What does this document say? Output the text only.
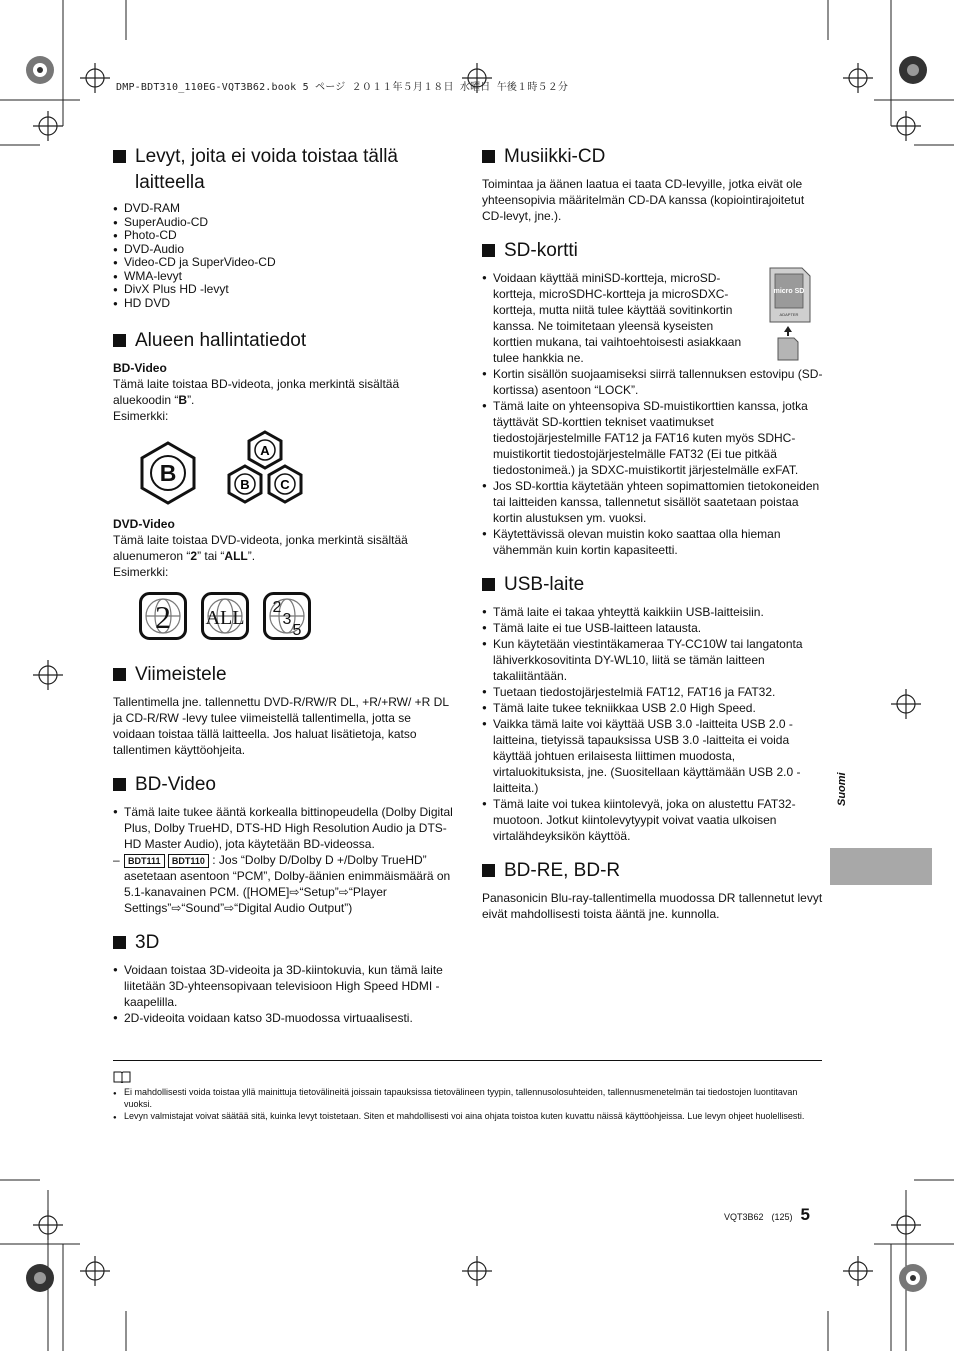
DMP-BDT310_110EG-VQT3B62.book 5 ページ ２０１１年５月１８日 水曜日 午後１時５２分
Levyt, joita ei voida toistaa tällä laitteella
● DVD-RAM
● SuperAudio-CD
● Photo-CD
● DVD-Audio
● Video-CD ja SuperVideo-CD
● WMA-levyt
● DivX Plus HD -levyt
● HD DVD
Alueen hallintatiedot

BD-Video

Tämä laite toistaa BD-videota, jonka merkintä sisältää aluekoodin “B”.

Esimerkki:

B
A
B C

DVD-Video

Tämä laite toistaa DVD-videota, jonka merkintä sisältää aluenumeron “2” tai “ALL”.

Esimerkki:

2 ALL 2
3
5
Viimeistele

Tallentimella jne. tallennettu DVD-R/RW/R DL, +R/+RW/ +R DL ja CD-R/RW -levy tulee viimeistellä tallentimella, jotta se voidaan toistaa tällä laitteella. Jos haluat lisätietoja, katso tallentimen käyttöohjeita.

BD-Video
● Tämä laite tukee ääntä korkealla bittinopeudella (Dolby Digital Plus, Dolby TrueHD, DTS-HD High Resolution Audio ja DTS-HD Master Audio), jota käytetään BD-videossa.
– BDT111 BDT110 : Jos “Dolby D/Dolby D +/Dolby TrueHD” asetetaan asentoon “PCM”, Dolby-äänien enimmäismäärä on 5.1-kanavainen PCM. ([HOME]⇨“Setup”⇨“Player Settings”⇨“Sound”⇨“Digital Audio Output”)
3D
● Voidaan toistaa 3D-videoita ja 3D-kiintokuvia, kun tämä laite liitetään 3D-yhteensopivaan televisioon High Speed HDMI -kaapelilla.
● 2D-videoita voidaan katso 3D-muodossa virtuaalisesti.
Musiikki-CD

Toimintaa ja äänen laatua ei taata CD-levyille, jotka eivät ole yhteensopivia määritelmän CD-DA kanssa (kopiointirajoitetut CD-levyt, jne.).

SD-kortti
micro SD
ADAPTER
● Voidaan käyttää miniSD-kortteja, microSD-kortteja, microSDHC-kortteja ja microSDXC-kortteja, mutta niitä tulee käyttää sovitinkortin kanssa. Ne toimitetaan yleensä kyseisten korttien mukana, tai vaihtoehtoisesti asiakkaan tulee hankkia ne.
● Kortin sisällön suojaamiseksi siirrä tallennuksen estovipu (SD-kortissa) asentoon “LOCK”.
● Tämä laite on yhteensopiva SD-muistikorttien kanssa, jotka täyttävät SD-korttien tekniset vaatimukset tiedostojärjestelmille FAT12 ja FAT16 kuten myös SDHC-muistikortit tiedostojärjestelmälle FAT32 (Ei tue pitkää tiedostonimeä.) ja SDXC-muistikortit järjestelmälle exFAT.
● Jos SD-korttia käytetään yhteen sopimattomien tietokoneiden tai laitteiden kanssa, tallennetut sisällöt saatetaan poistaa kortin alustuksen ym. vuoksi.
● Käytettävissä olevan muistin koko saattaa olla hieman vähemmän kuin kortin kapasiteetti.
USB-laite
● Tämä laite ei takaa yhteyttä kaikkiin USB-laitteisiin.
● Tämä laite ei tue USB-laitteen latausta.
● Kun käytetään viestintäkameraa TY-CC10W tai langatonta lähiverkkosovitinta DY-WL10, liitä se tämän laitteen takaliitäntään.
● Tuetaan tiedostojärjestelmiä FAT12, FAT16 ja FAT32.
● Tämä laite tukee tekniikkaa USB 2.0 High Speed.
● Vaikka tämä laite voi käyttää USB 3.0 -laitteita USB 2.0 -laitteina, tietyissä tapauksissa USB 3.0 -laitteita ei voida käyttää johtuen erilaisesta liittimen muodosta, virtaluokituksista, jne. (Suositellaan käyttämään USB 2.0 -laitteita.)
● Tämä laite voi tukea kiintolevyä, joka on alustettu FAT32-muotoon. Jotkut kiintolevytyypit voivat vaatia ulkoisen virtalähdeyksikön käyttöä.
BD-RE, BD-R

Panasonicin Blu-ray-tallentimella muodossa DR tallennetut levyt eivät mahdollisesti toista ääntä jne. kunnolla.

Suomi
● Ei mahdollisesti voida toistaa yllä mainittuja tietovälineitä joissain tapauksissa tietovälineen tyypin, tallennusolosuhteiden, tallennusmenetelmän tai tiedostojen luontitavan vuoksi.
● Levyn valmistajat voivat säätää sitä, kuinka levyt toistetaan. Siten et mahdollisesti voi aina ohjata toistoa kuten kuvattu näissä käyttöohjeissa. Lue levyn ohjeet huolellisesti.
VQT3B62 (125) 5
